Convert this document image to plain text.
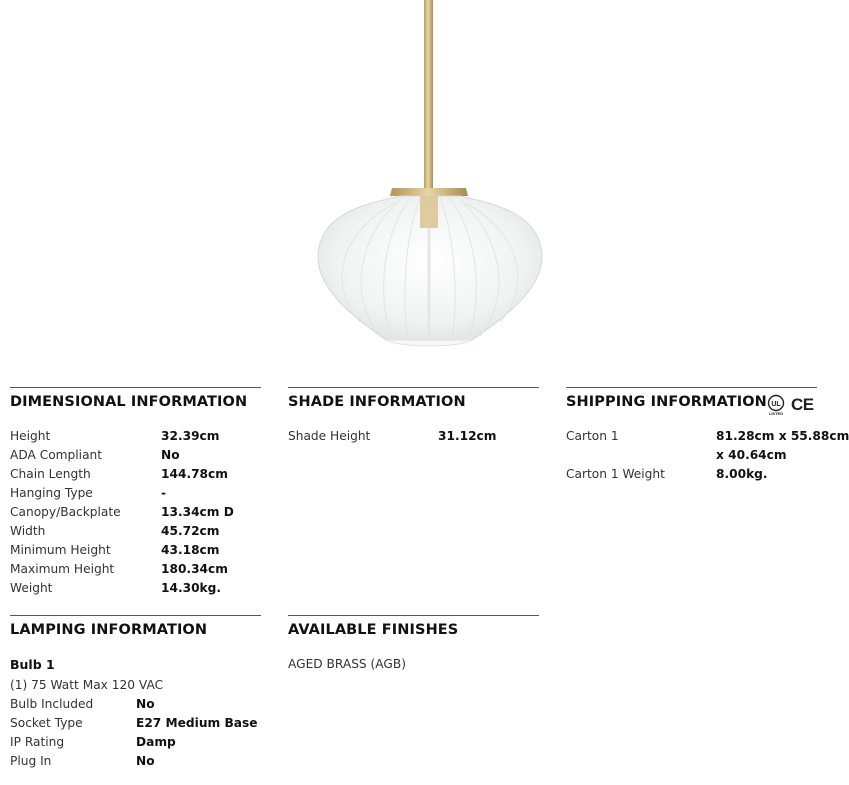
DIMENSIONAL INFORMATION
Height	32.39cm
ADA Compliant	No
Chain Length	144.78cm
Hanging Type	-
Canopy/Backplate	13.34cm D
Width	45.72cm
Minimum Height	43.18cm
Maximum Height	180.34cm
Weight	14.30kg.
SHADE INFORMATION
Shade Height	31.12cm
SHIPPING INFORMATION UL
LISTED CE
Carton 1	81.28cm x 55.88cm
x 40.64cm
Carton 1 Weight	8.00kg.
LAMPING INFORMATION
Bulb 1
(1) 75 Watt Max 120 VAC
Bulb Included	No
Socket Type	E27 Medium Base
IP Rating	Damp
Plug In	No
AVAILABLE FINISHES
AGED BRASS (AGB)
